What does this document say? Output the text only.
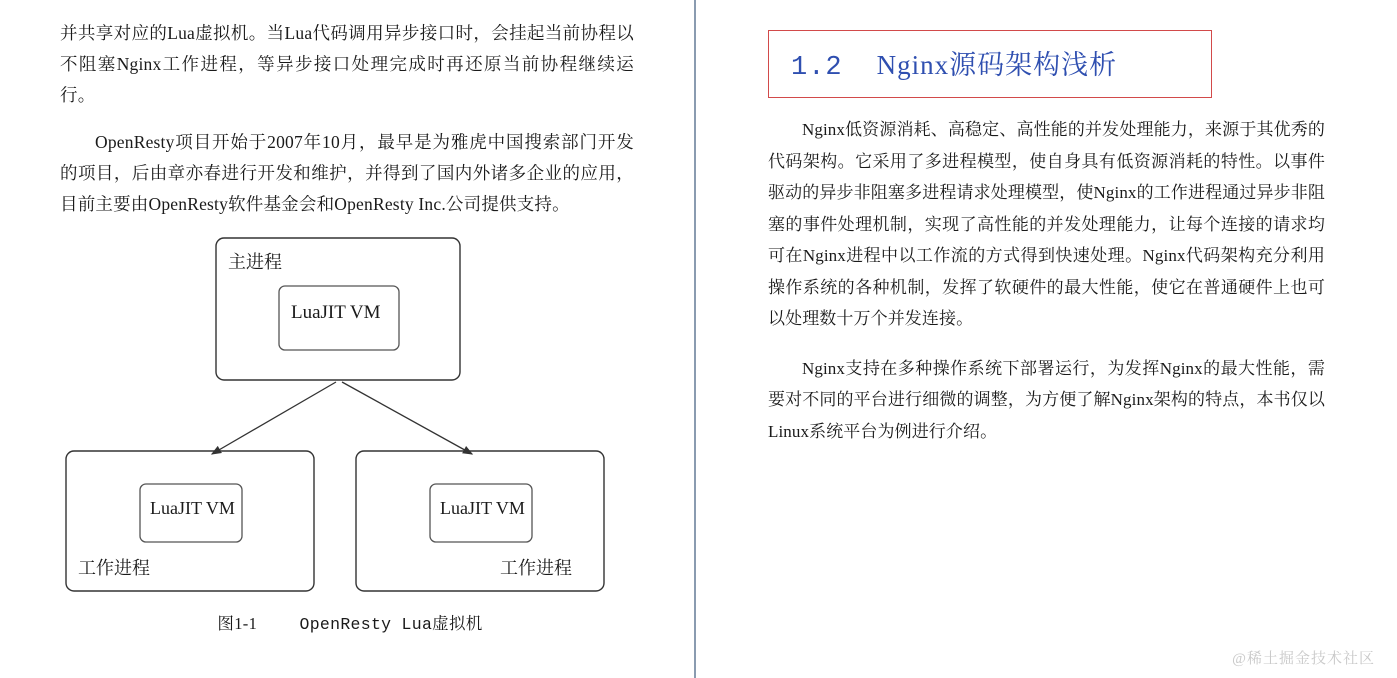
并共享对应的Lua虚拟机。当Lua代码调用异步接口时，会挂起当前协程以不阻塞Nginx工作进程，等异步接口处理完成时再还原当前协程继续运行。

OpenResty项目开始于2007年10月，最早是为雅虎中国搜索部门开发的项目，后由章亦春进行开发和维护，并得到了国内外诸多企业的应用，目前主要由OpenResty软件基金会和OpenResty Inc.公司提供支持。

主进程
LuaJIT VM
LuaJIT VM
工作进程
LuaJIT VM
工作进程
图1-1	OpenResty Lua虚拟机
1.2 Nginx源码架构浅析

Nginx低资源消耗、高稳定、高性能的并发处理能力，来源于其优秀的代码架构。它采用了多进程模型，使自身具有低资源消耗的特性。以事件驱动的异步非阻塞多进程请求处理模型，使Nginx的工作进程通过异步非阻塞的事件处理机制，实现了高性能的并发处理能力，让每个连接的请求均可在Nginx进程中以工作流的方式得到快速处理。Nginx代码架构充分利用操作系统的各种机制，发挥了软硬件的最大性能，使它在普通硬件上也可以处理数十万个并发连接。

Nginx支持在多种操作系统下部署运行，为发挥Nginx的最大性能，需要对不同的平台进行细微的调整，为方便了解Nginx架构的特点，本书仅以Linux系统平台为例进行介绍。

@稀土掘金技术社区
